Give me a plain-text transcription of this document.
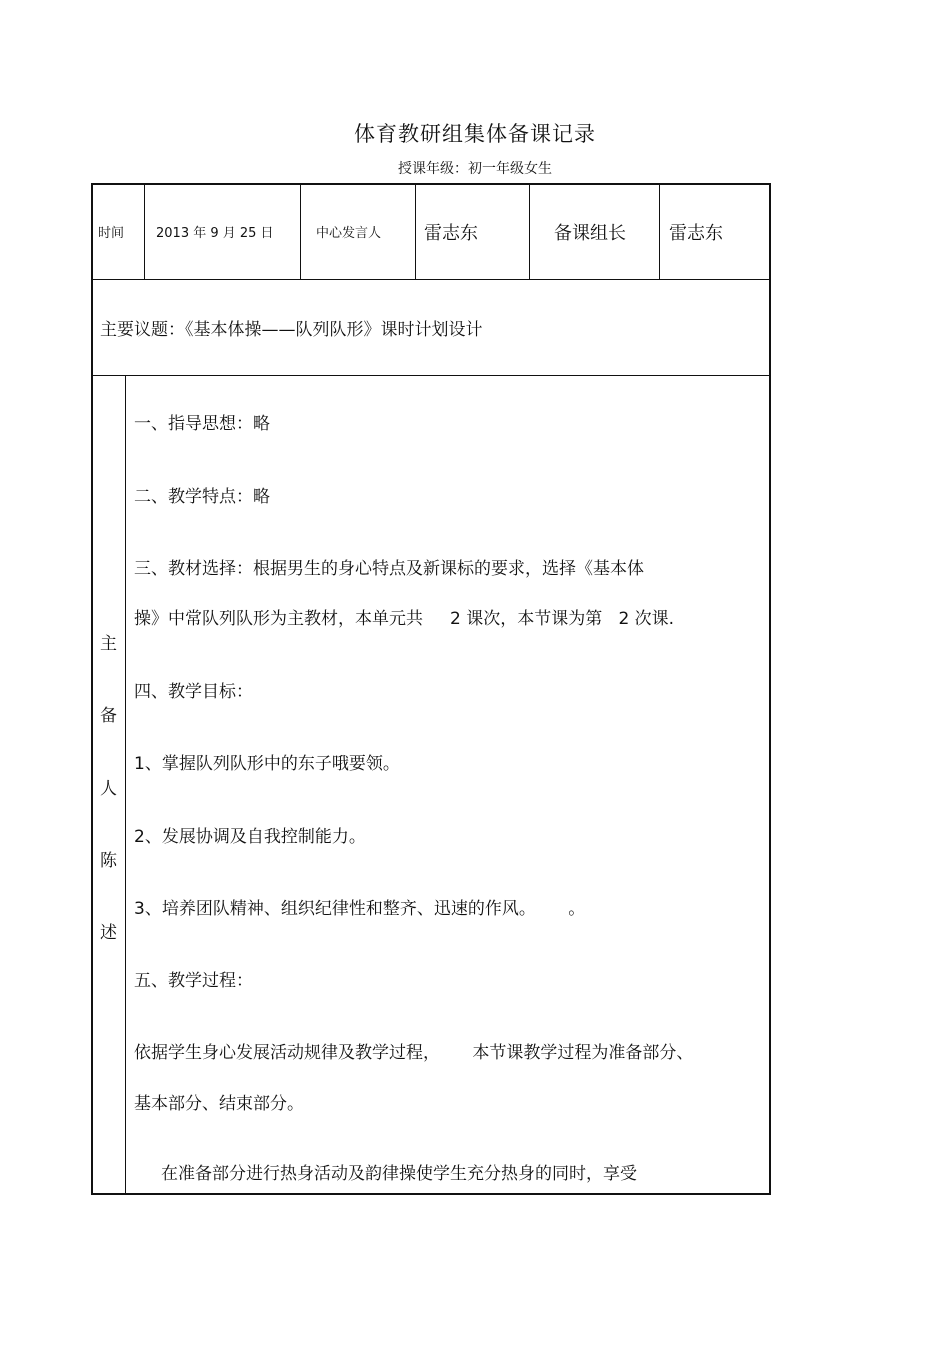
体育教研组集体备课记录
授课年级：初一年级女生
时间 2013 年 9 月 25 日	中心发言人 雷志东	备课组长 雷志东
主要议题：《基本体操——队列队形》课时计划设计
主
备
人
陈
述
一、指导思想：略
二、教学特点：略
三、教材选择：根据男生的身心特点及新课标的要求，选择《基本体
操》中常队列队形为主教材，本单元共     2 课次，本节课为第   2 次课.
四、教学目标：
1、掌握队列队形中的东子哦要领。
2、发展协调及自我控制能力。
3、培养团队精神、组织纪律性和整齐、迅速的作风。      。
五、教学过程：
依据学生身心发展活动规律及教学过程，      本节课教学过程为准备部分、
基本部分、结束部分。
在准备部分进行热身活动及韵律操使学生充分热身的同时，享受
